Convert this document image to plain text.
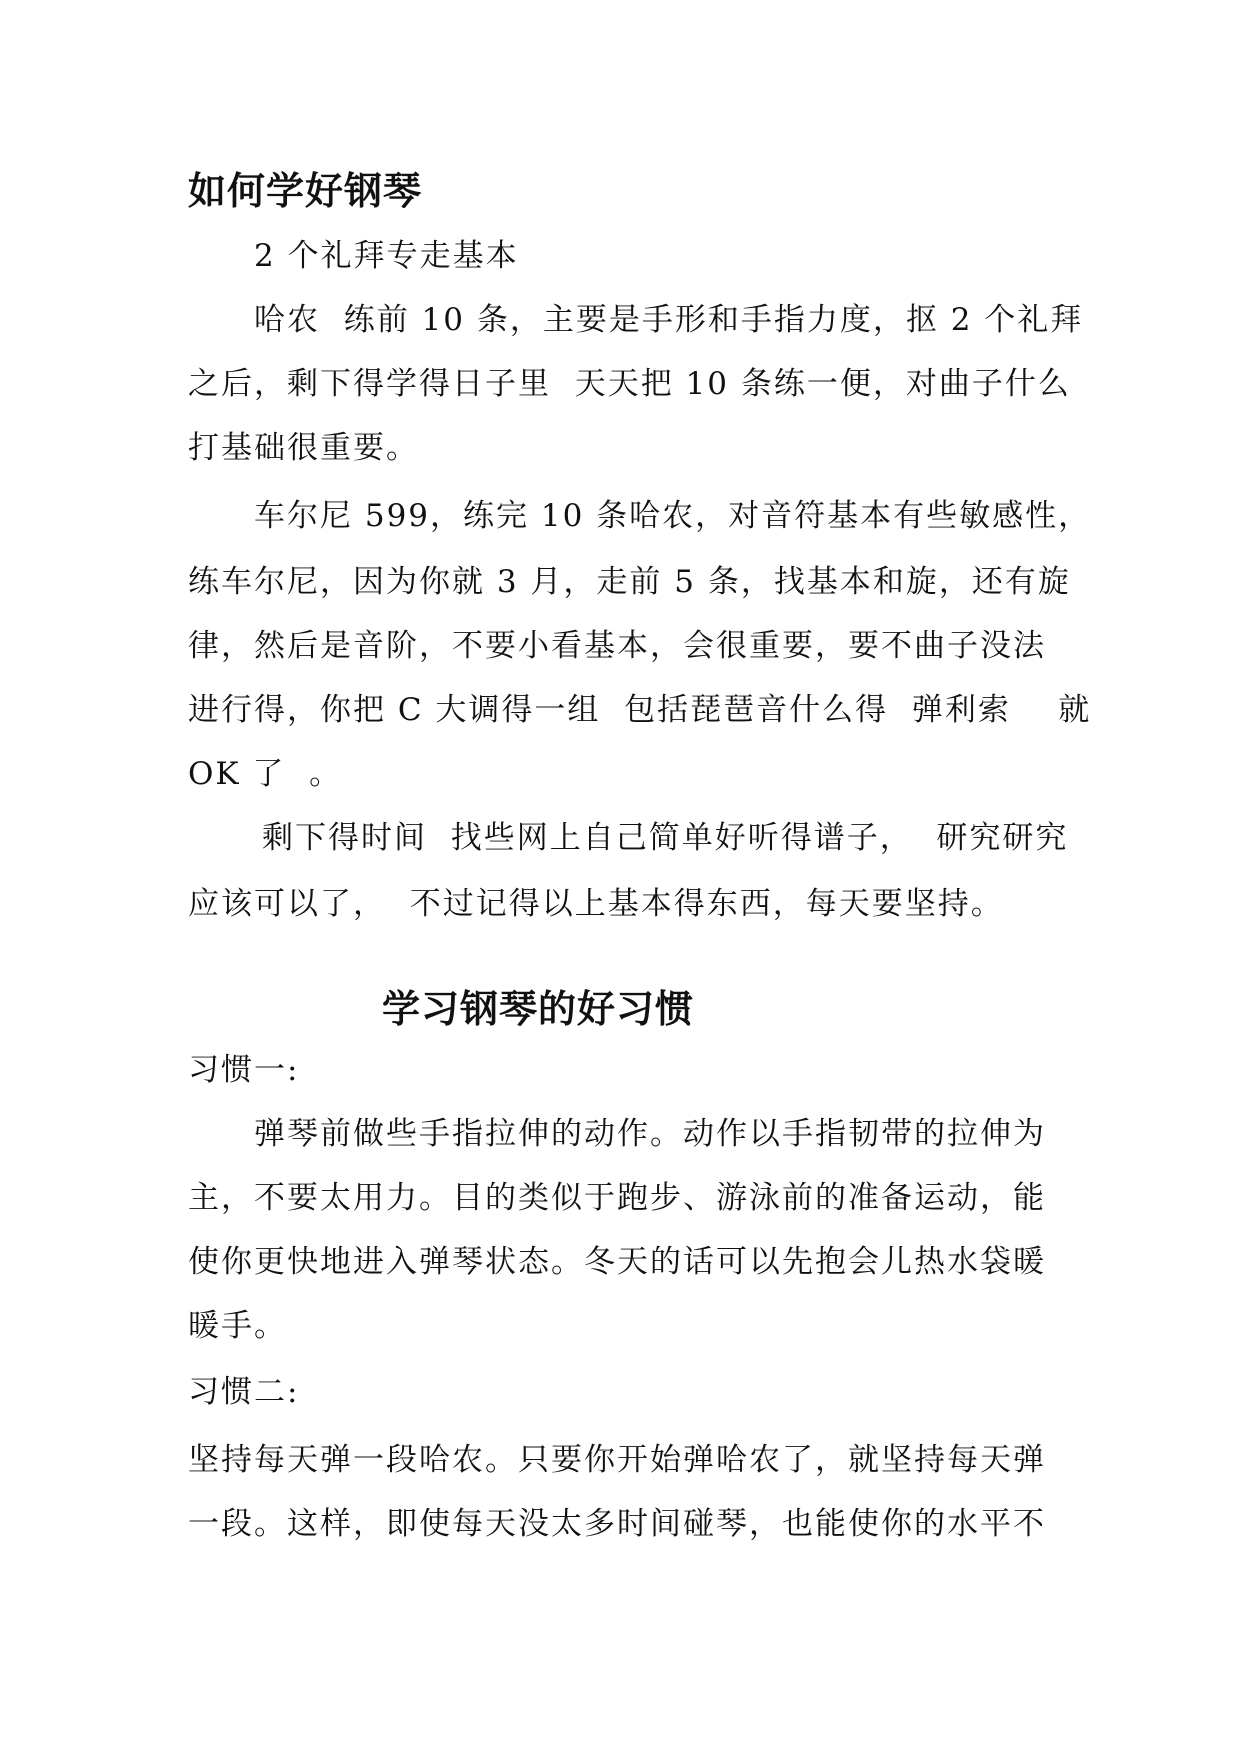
如何学好钢琴
2 个礼拜专走基本
哈农  练前 10 条，主要是手形和手指力度，抠 2 个礼拜
之后，剩下得学得日子里  天天把 10 条练一便，对曲子什么
打基础很重要。
车尔尼 599，练完 10 条哈农，对音符基本有些敏感性，
练车尔尼，因为你就 3 月，走前 5 条，找基本和旋，还有旋
律，然后是音阶，不要小看基本，会很重要，要不曲子没法
进行得，你把 C 大调得一组  包括琵琶音什么得  弹利索    就
OK 了  。
剩下得时间  找些网上自己简单好听得谱子，  研究研究
应该可以了，  不过记得以上基本得东西，每天要坚持。
学习钢琴的好习惯
习惯一:
弹琴前做些手指拉伸的动作。动作以手指韧带的拉伸为
主，不要太用力。目的类似于跑步、游泳前的准备运动，能
使你更快地进入弹琴状态。冬天的话可以先抱会儿热水袋暖
暖手。
习惯二:
坚持每天弹一段哈农。只要你开始弹哈农了，就坚持每天弹
一段。这样，即使每天没太多时间碰琴，也能使你的水平不
